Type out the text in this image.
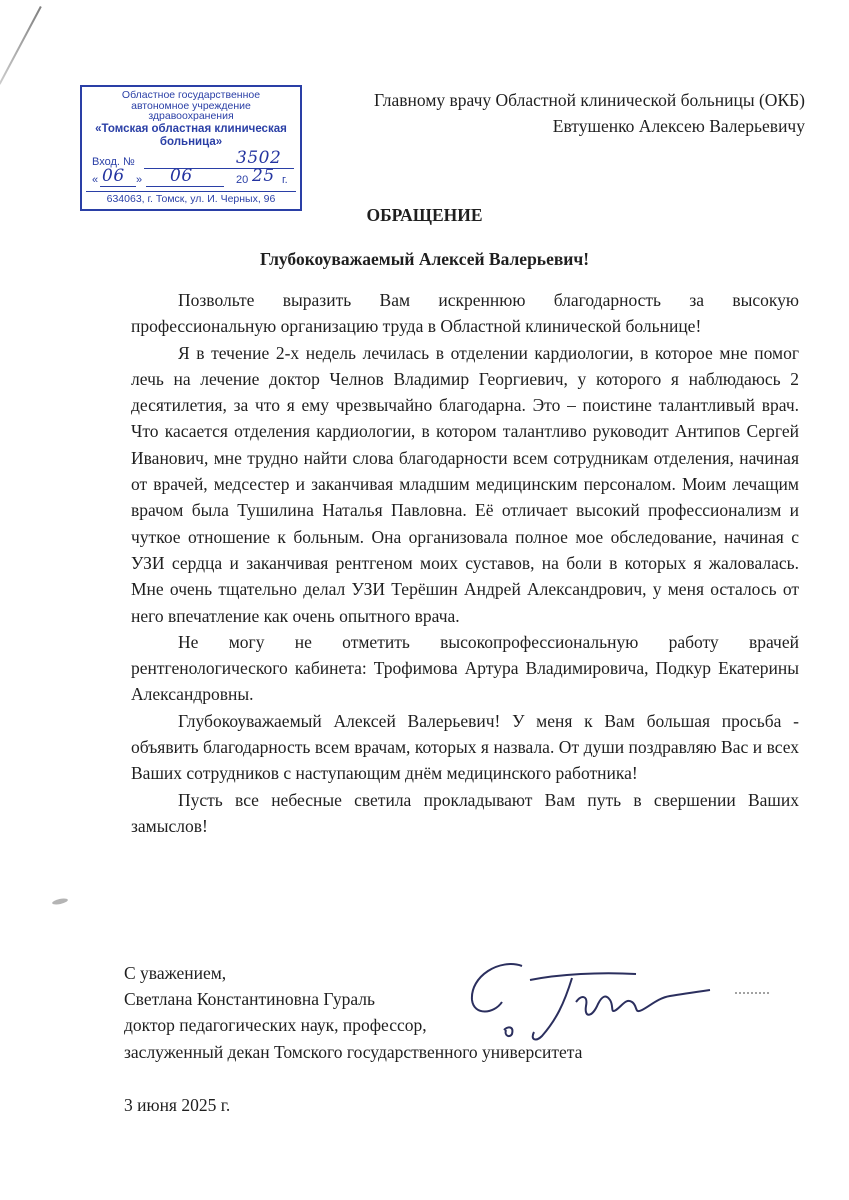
Областное государственное
автономное учреждение
здравоохранения
«Томская областная клиническая
больница»
Вход. №	3502
« 06 » 06	20 25 г.
634063, г. Томск, ул. И. Черных, 96
Главному врачу Областной клинической больницы (ОКБ)
Евтушенко Алексею Валерьевичу
ОБРАЩЕНИЕ
Глубокоуважаемый Алексей Валерьевич!

Позвольте выразить Вам искреннюю благодарность за высокую профессиональную организацию труда в Областной клинической больнице!

Я в течение 2-х недель лечилась в отделении кардиологии, в которое мне помог лечь на лечение доктор Челнов Владимир Георгиевич, у которого я наблюдаюсь 2 десятилетия, за что я ему чрезвычайно благодарна. Это – поистине талантливый врач. Что касается отделения кардиологии, в котором талантливо руководит Антипов Сергей Иванович, мне трудно найти слова благодарности всем сотрудникам отделения, начиная от врачей, медсестер и заканчивая младшим медицинским персоналом. Моим лечащим врачом была Тушилина Наталья Павловна. Её отличает высокий профессионализм и чуткое отношение к больным. Она организовала полное мое обследование, начиная с УЗИ сердца и заканчивая рентгеном моих суставов, на боли в которых я жаловалась. Мне очень тщательно делал УЗИ Терёшин Андрей Александрович, у меня осталось от него впечатление как очень опытного врача.

Не могу не отметить высокопрофессиональную работу врачей рентгенологического кабинета: Трофимова Артура Владимировича, Подкур Екатерины Александровны.

Глубокоуважаемый Алексей Валерьевич! У меня к Вам большая просьба - объявить благодарность всем врачам, которых я назвала. От души поздравляю Вас и всех Ваших сотрудников с наступающим днём медицинского работника!

Пусть все небесные светила прокладывают Вам путь в свершении Ваших замыслов!

С уважением,
Светлана Константиновна Гураль
доктор педагогических наук, профессор,
заслуженный декан Томского государственного университета
3 июня 2025 г.
